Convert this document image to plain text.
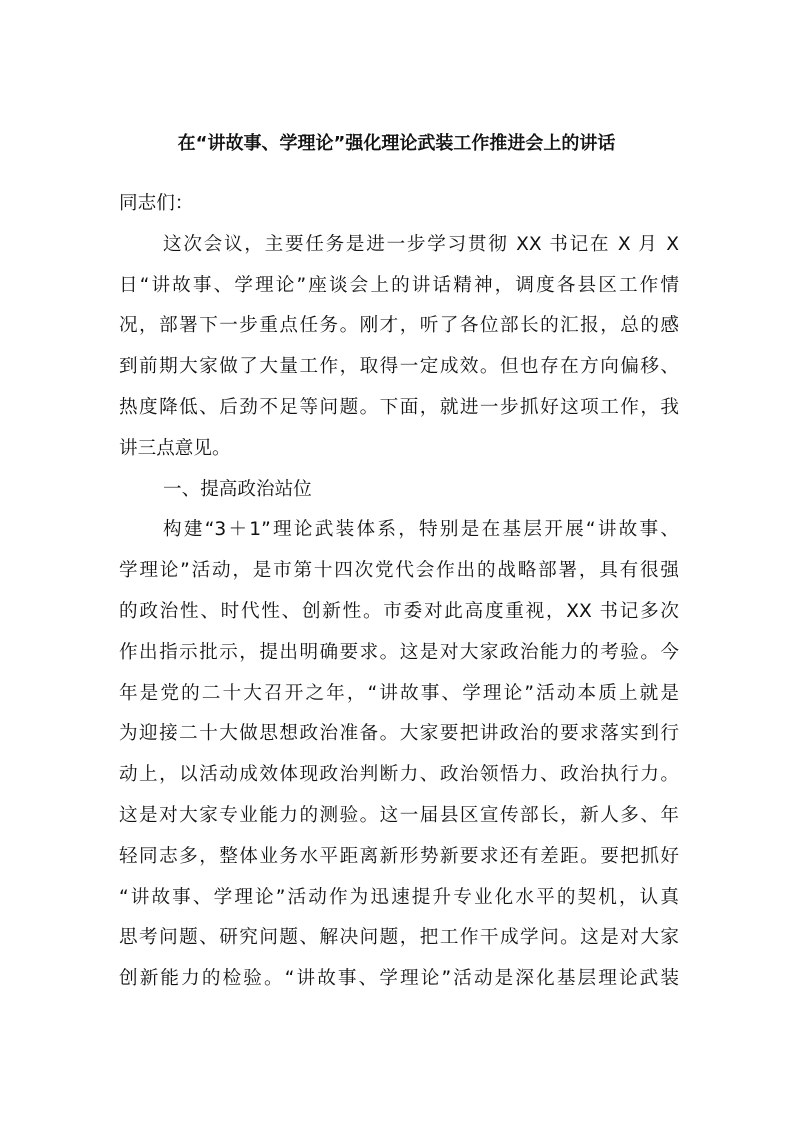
在“讲故事、学理论”强化理论武装工作推进会上的讲话
同志们：
这次会议，主要任务是进一步学习贯彻 XX 书记在 X 月 X
日“讲故事、学理论”座谈会上的讲话精神，调度各县区工作情
况，部署下一步重点任务。刚才，听了各位部长的汇报，总的感
到前期大家做了大量工作，取得一定成效。但也存在方向偏移、
热度降低、后劲不足等问题。下面，就进一步抓好这项工作，我
讲三点意见。
一、提高政治站位
构建“3＋1”理论武装体系，特别是在基层开展“讲故事、
学理论”活动，是市第十四次党代会作出的战略部署，具有很强
的政治性、时代性、创新性。市委对此高度重视，XX 书记多次
作出指示批示，提出明确要求。这是对大家政治能力的考验。今
年是党的二十大召开之年，“讲故事、学理论”活动本质上就是
为迎接二十大做思想政治准备。大家要把讲政治的要求落实到行
动上，以活动成效体现政治判断力、政治领悟力、政治执行力。
这是对大家专业能力的测验。这一届县区宣传部长，新人多、年
轻同志多，整体业务水平距离新形势新要求还有差距。要把抓好
“讲故事、学理论”活动作为迅速提升专业化水平的契机，认真
思考问题、研究问题、解决问题，把工作干成学问。这是对大家
创新能力的检验。“讲故事、学理论”活动是深化基层理论武装
